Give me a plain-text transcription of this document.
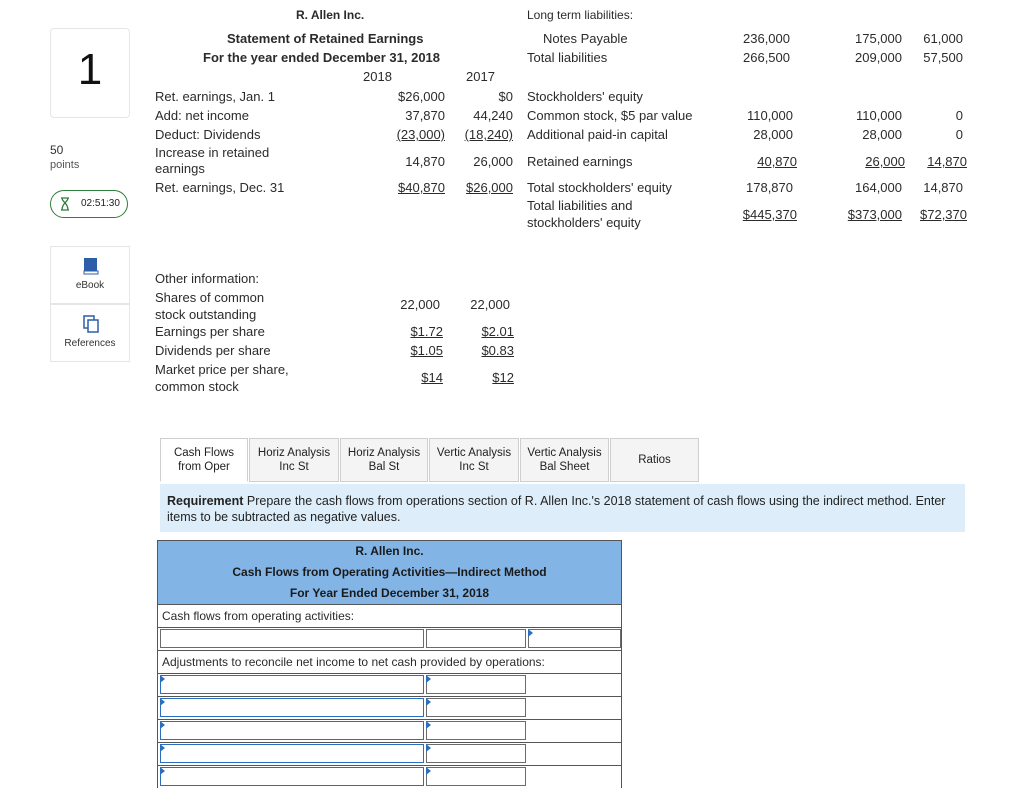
1
50
points
02:51:30
eBook
References
R. Allen Inc.
Statement of Retained Earnings
For the year ended December 31, 2018
2018	2017
Ret. earnings, Jan. 1	$26,000	$0
Add: net income	37,870	44,240
Deduct: Dividends	(23,000)	(18,240)
Increase in retained earnings	14,870	26,000
Ret. earnings, Dec. 31	$40,870	$26,000
Long term liabilities:
Notes Payable	236,000	175,000	61,000
Total liabilities	266,500	209,000	57,500
Stockholders' equity
Common stock, $5 par value	110,000	110,000	0
Additional paid-in capital	28,000	28,000	0
Retained earnings	40,870	26,000	14,870
Total stockholders' equity	178,870	164,000	14,870
Total liabilities and stockholders' equity
$445,370	$373,000	$72,370
Other information:
Shares of common stock outstanding
22,000	22,000
Earnings per share	$1.72	$2.01
Dividends per share	$1.05	$0.83
Market price per share, common stock
$14	$12
Cash Flows from Oper
Horiz Analysis Inc St
Horiz Analysis Bal St
Vertic Analysis Inc St
Vertic Analysis Bal Sheet
Ratios
Requirement Prepare the cash flows from operations section of R. Allen Inc.'s 2018 statement of cash flows using the indirect method. Enter items to be subtracted as negative values.
R. Allen Inc.
Cash Flows from Operating Activities—Indirect Method
For Year Ended December 31, 2018
Cash flows from operating activities:
Adjustments to reconcile net income to net cash provided by operations:
